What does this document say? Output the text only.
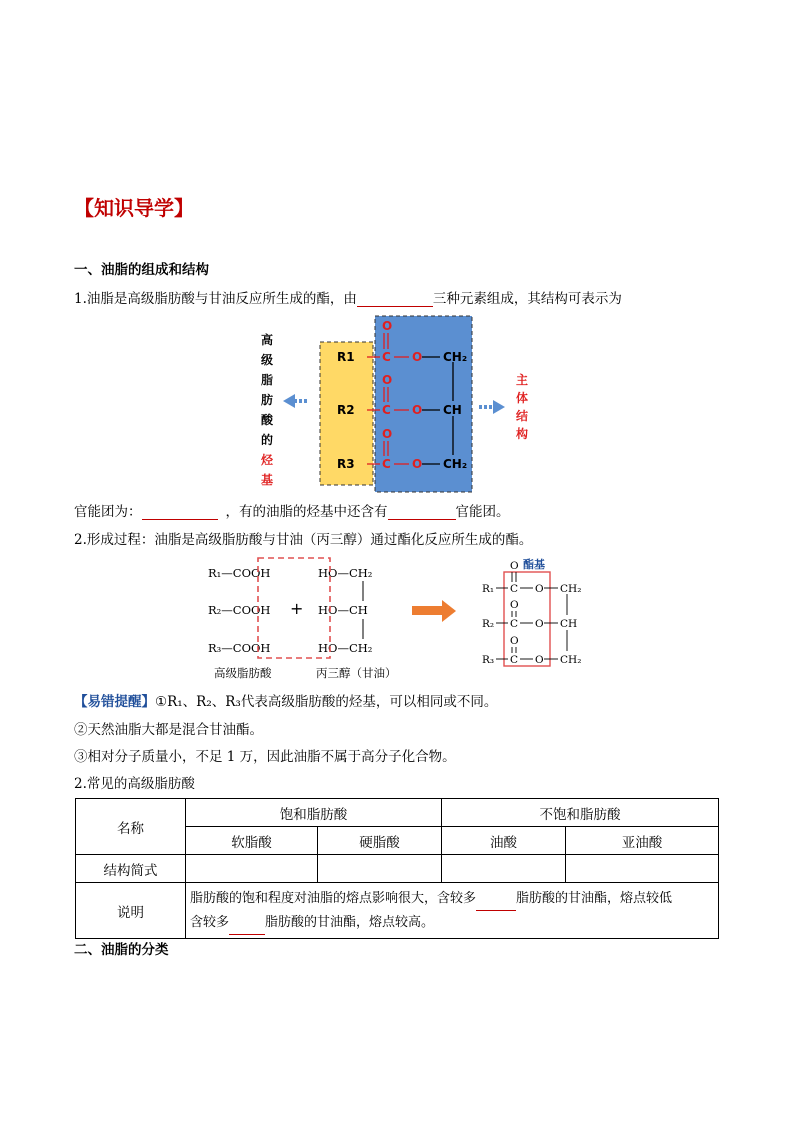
【知识导学】
一、油脂的组成和结构
1.油脂是高级脂肪酸与甘油反应所生成的酯，由	三种元素组成，其结构可表示为
R1
R2
R3
O
C
O
C
O
C
O
O
O
CH₂
CH
CH₂
高
级
脂
肪
酸
的
烃
基
主
体
结
构
官能团为：	，有的油脂的烃基中还含有	官能团。
2.形成过程：油脂是高级脂肪酸与甘油（丙三醇）通过酯化反应所生成的酯。
R₁—COOH
R₂—COOH
R₃—COOH
HO—CH₂
HO—CH
HO—CH₂
高级脂肪酸	丙三醇（甘油）
+
酯基
R₁
R₂
R₃
O
C
O
C
O
C
O
O
O
CH₂
CH
CH₂
【易错提醒】①R₁、R₂、R₃代表高级脂肪酸的烃基，可以相同或不同。
②天然油脂大都是混合甘油酯。
③相对分子质量小，不足 1 万，因此油脂不属于高分子化合物。
2.常见的高级脂肪酸
名称	饱和脂肪酸		不饱和脂肪酸	
	软脂酸	硬脂酸	油酸	亚油酸
结构简式				
说明	脂肪酸的饱和程度对油脂的熔点影响很大，含较多 脂肪酸的甘油酯，熔点较低
含较多 脂肪酸的甘油酯，熔点较高。			
二、油脂的分类
